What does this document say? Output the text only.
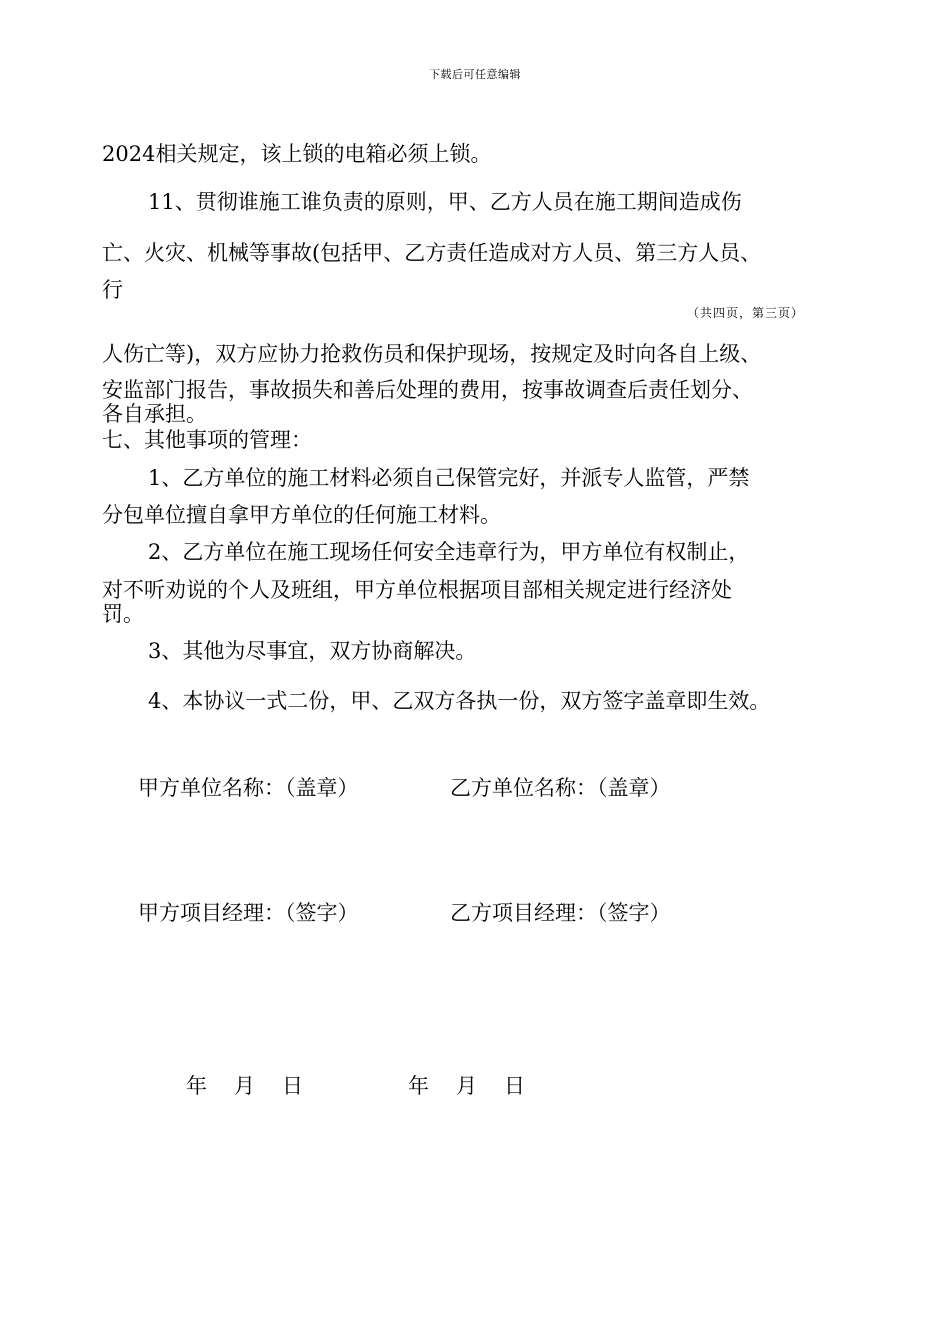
下载后可任意编辑
2024相关规定，该上锁的电箱必须上锁。
11、贯彻谁施工谁负责的原则，甲、乙方人员在施工期间造成伤
亡、火灾、机械等事故(包括甲、乙方责任造成对方人员、第三方人员、
行
（共四页，第三页）
人伤亡等)，双方应协力抢救伤员和保护现场，按规定及时向各自上级、
安监部门报告，事故损失和善后处理的费用，按事故调查后责任划分、
各自承担。
七、其他事项的管理：
1、乙方单位的施工材料必须自己保管完好，并派专人监管，严禁
分包单位擅自拿甲方单位的任何施工材料。
2、乙方单位在施工现场任何安全违章行为，甲方单位有权制止，
对不听劝说的个人及班组，甲方单位根据项目部相关规定进行经济处
罚。
3、其他为尽事宜，双方协商解决。
4、本协议一式二份，甲、乙双方各执一份，双方签字盖章即生效。
甲方单位名称：（盖章）	乙方单位名称：（盖章）
甲方项目经理：（签字）	乙方项目经理：（签字）
年 月 日	年 月 日
